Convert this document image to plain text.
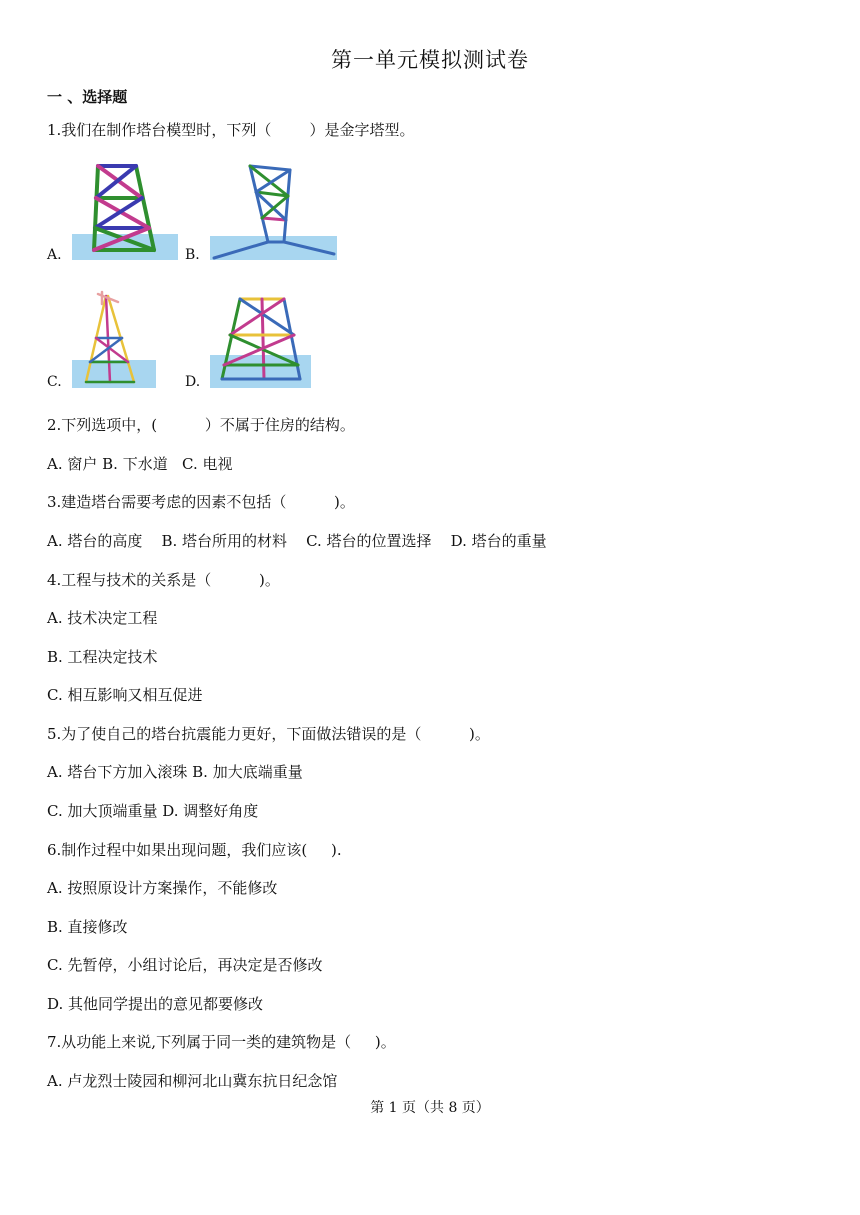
第一单元模拟测试卷
一 、选择题
1.我们在制作塔台模型时，下列（        ）是金字塔型。
A.	B.
C.	D.
2.下列选项中，(          ）不属于住房的结构。
A. 窗户 B. 下水道   C. 电视
3.建造塔台需要考虑的因素不包括（          )。
A. 塔台的高度    B. 塔台所用的材料    C. 塔台的位置选择    D. 塔台的重量
4.工程与技术的关系是（          )。
A. 技术决定工程
B. 工程决定技术
C. 相互影响又相互促进
5.为了使自己的塔台抗震能力更好，下面做法错误的是（          )。
A. 塔台下方加入滚珠 B. 加大底端重量
C. 加大顶端重量 D. 调整好角度
6.制作过程中如果出现问题，我们应该(     ).
A. 按照原设计方案操作，不能修改
B. 直接修改
C. 先暂停，小组讨论后，再决定是否修改
D. 其他同学提出的意见都要修改
7.从功能上来说,下列属于同一类的建筑物是（     )。
A. 卢龙烈士陵园和柳河北山冀东抗日纪念馆
第 1 页（共 8 页）
